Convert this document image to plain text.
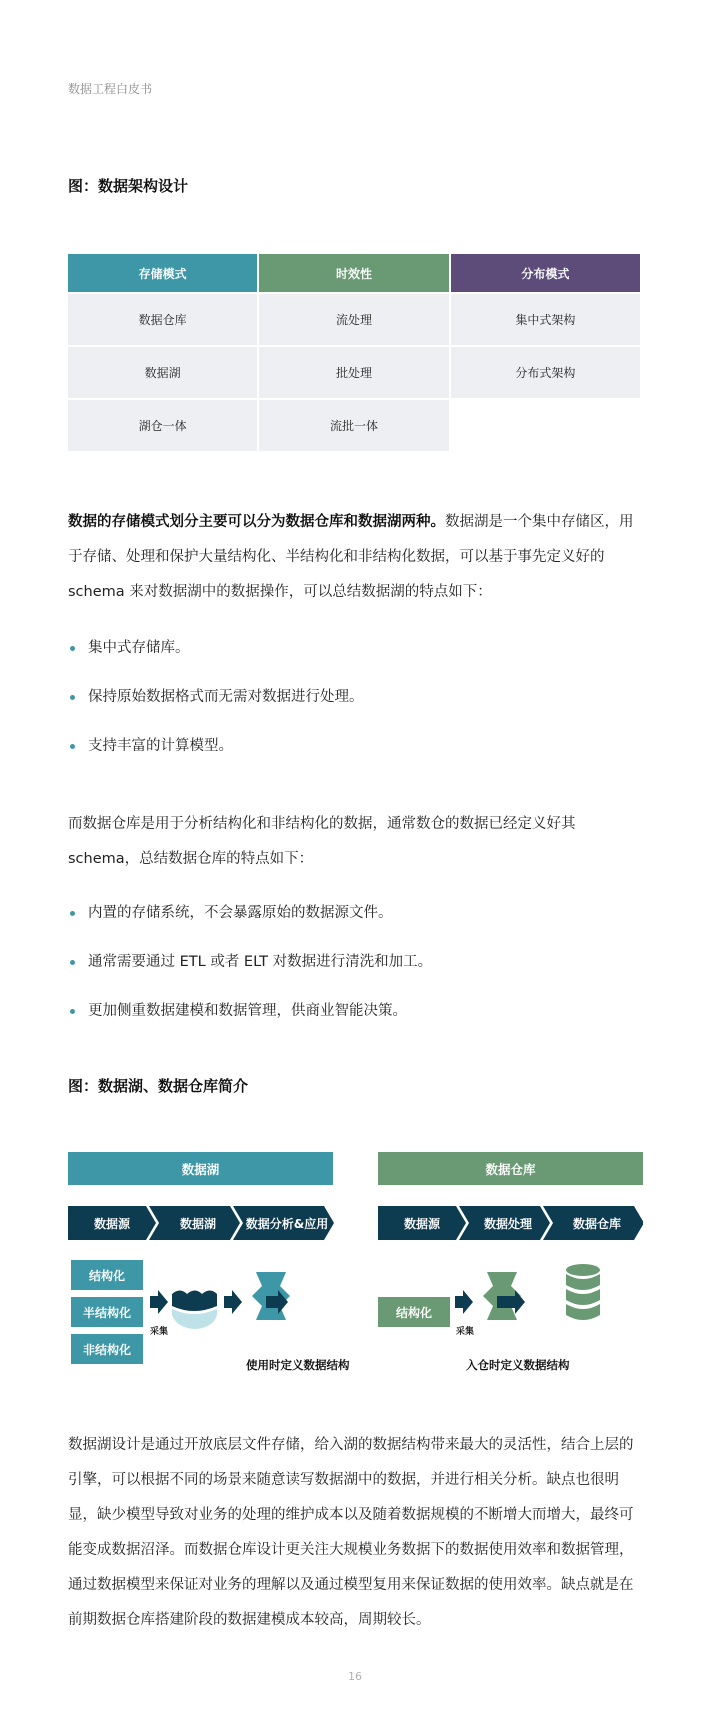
数据工程白皮书
图：数据架构设计
存储模式	时效性	分布模式
数据仓库	流处理	集中式架构
数据湖	批处理	分布式架构
湖仓一体	流批一体

数据的存储模式划分主要可以分为数据仓库和数据湖两种。数据湖是一个集中存储区，用于存储、处理和保护大量结构化、半结构化和非结构化数据，可以基于事先定义好的 schema 来对数据湖中的数据操作，可以总结数据湖的特点如下：

集中式存储库。
保持原始数据格式而无需对数据进行处理。
支持丰富的计算模型。

而数据仓库是用于分析结构化和非结构化的数据，通常数仓的数据已经定义好其 schema，总结数据仓库的特点如下：

内置的存储系统，不会暴露原始的数据源文件。
通常需要通过 ETL 或者 ELT 对数据进行清洗和加工。
更加侧重数据建模和数据管理，供商业智能决策。
图：数据湖、数据仓库简介
数据湖	数据仓库
数据源	数据湖	数据分析&应用	数据源	数据处理	数据仓库
结构化
半结构化
非结构化
采集
使用时定义数据结构
结构化
采集
入仓时定义数据结构

数据湖设计是通过开放底层文件存储，给入湖的数据结构带来最大的灵活性，结合上层的引擎，可以根据不同的场景来随意读写数据湖中的数据，并进行相关分析。缺点也很明显，缺少模型导致对业务的处理的维护成本以及随着数据规模的不断增大而增大，最终可能变成数据沼泽。而数据仓库设计更关注大规模业务数据下的数据使用效率和数据管理，通过数据模型来保证对业务的理解以及通过模型复用来保证数据的使用效率。缺点就是在前期数据仓库搭建阶段的数据建模成本较高，周期较长。

16
